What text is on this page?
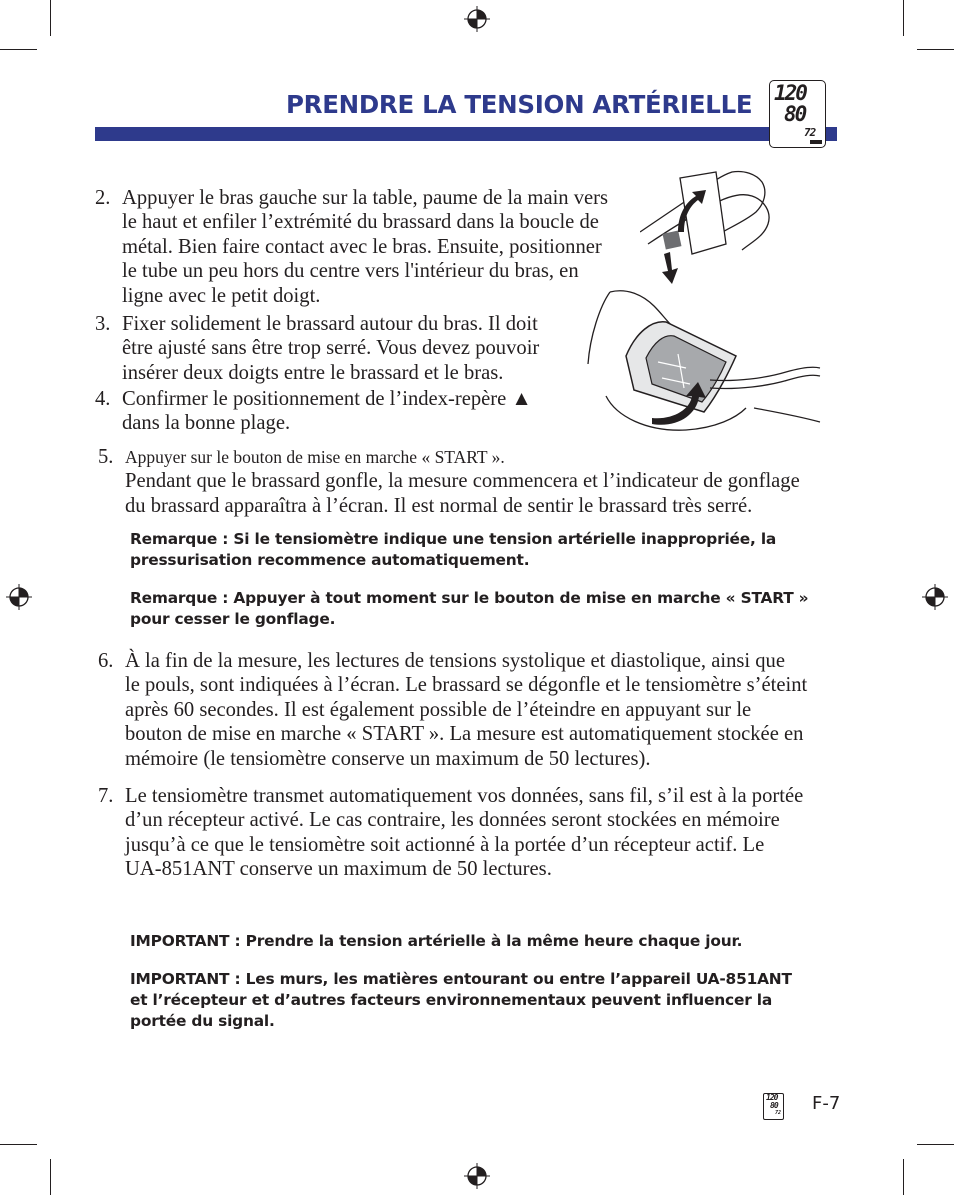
PRENDRE LA TENSION ARTÉRIELLE 120
80
72
2. Appuyer le bras gauche sur la table, paume de la main vers
le haut et enfiler l’extrémité du brassard dans la boucle de
métal. Bien faire contact avec le bras. Ensuite, positionner
le tube un peu hors du centre vers l'intérieur du bras, en
ligne avec le petit doigt.
3. Fixer solidement le brassard autour du bras. Il doit
être ajusté sans être trop serré. Vous devez pouvoir
insérer deux doigts entre le brassard et le bras.
4. Confirmer le positionnement de l’index-repère ▲
dans la bonne plage.
5. Appuyer sur le bouton de mise en marche « START ».
Pendant que le brassard gonfle, la mesure commencera et l’indicateur de gonflage
du brassard apparaîtra à l’écran. Il est normal de sentir le brassard très serré.
Remarque : Si le tensiomètre indique une tension artérielle inappropriée, la
pressurisation recommence automatiquement.
Remarque : Appuyer à tout moment sur le bouton de mise en marche « START »
pour cesser le gonflage.
6. À la fin de la mesure, les lectures de tensions systolique et diastolique, ainsi que
le pouls, sont indiquées à l’écran. Le brassard se dégonfle et le tensiomètre s’éteint
après 60 secondes. Il est également possible de l’éteindre en appuyant sur le
bouton de mise en marche « START ». La mesure est automatiquement stockée en
mémoire (le tensiomètre conserve un maximum de 50 lectures).
7. Le tensiomètre transmet automatiquement vos données, sans fil, s’il est à la portée
d’un récepteur activé. Le cas contraire, les données seront stockées en mémoire
jusqu’à ce que le tensiomètre soit actionné à la portée d’un récepteur actif. Le
UA-851ANT conserve un maximum de 50 lectures.
IMPORTANT : Prendre la tension artérielle à la même heure chaque jour.
IMPORTANT : Les murs, les matières entourant ou entre l’appareil UA-851ANT
et l’récepteur et d’autres facteurs environnementaux peuvent influencer la
portée du signal.
120
80
72 F-7
